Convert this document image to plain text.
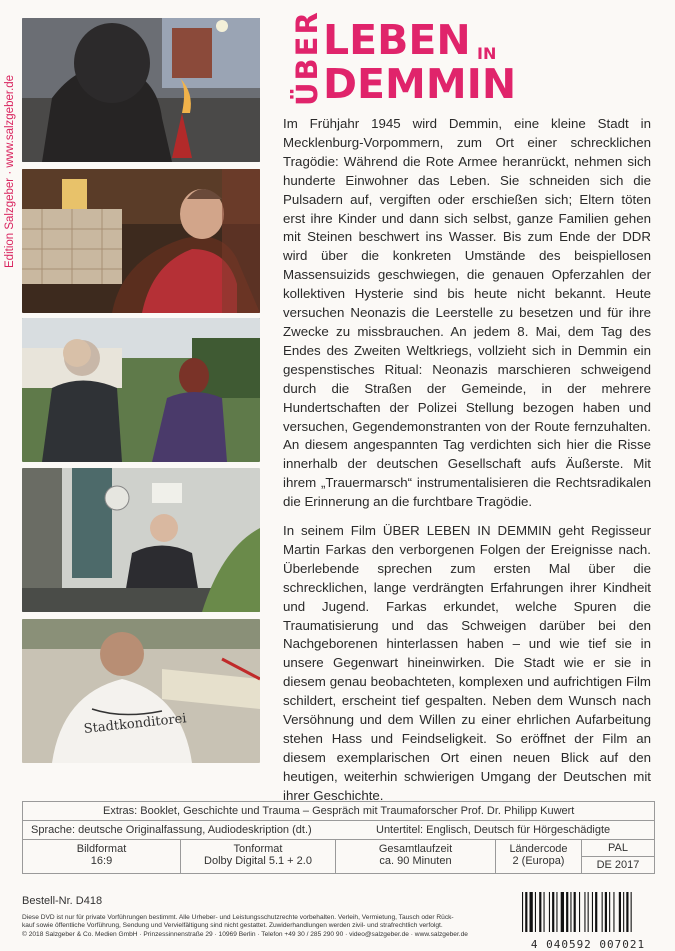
Edition Salzgeber · www.salzgeber.de
Stadtkonditorei
ÜBER LEBEN IN
DEMMIN

Im Frühjahr 1945 wird Demmin, eine kleine Stadt in Mecklenburg-Vorpommern, zum Ort einer schrecklichen Tragödie: Während die Rote Armee heranrückt, nehmen sich hunderte Einwohner das Leben. Sie schneiden sich die Pulsadern auf, vergiften oder erschießen sich; Eltern töten erst ihre Kinder und dann sich selbst, ganze Familien gehen mit Steinen beschwert ins Wasser. Bis zum Ende der DDR wird über die konkreten Umstände des beispiellosen Massensuizids geschwiegen, die genauen Opferzahlen der kollektiven Hysterie sind bis heute nicht bekannt. Heute versuchen Neonazis die Leerstelle zu besetzen und für ihre Zwecke zu missbrauchen. An jedem 8. Mai, dem Tag des Endes des Zweiten Weltkriegs, vollzieht sich in Demmin ein gespenstisches Ritual: Neonazis marschieren schweigend durch die Straßen der Gemeinde, in der mehrere Hundertschaften der Polizei Stellung bezogen haben und versuchen, Gegendemonstranten von der Route fernzuhalten. An diesem angespannten Tag verdichten sich hier die Risse innerhalb der deutschen Gesellschaft aufs Äußerste. Mit ihrem „Trauermarsch“ instrumentalisieren die Rechtsradikalen die Erinnerung an die furchtbare Tragödie.

In seinem Film ÜBER LEBEN IN DEMMIN geht Regisseur Martin Farkas den verborgenen Folgen der Ereignisse nach. Überlebende sprechen zum ersten Mal über die schrecklichen, lange verdrängten Erfahrungen ihrer Kindheit und Jugend. Farkas erkundet, welche Spuren die Traumatisierung und das Schweigen darüber bei den Nachgeborenen hinterlassen haben – und wie tief sie in unsere Gegenwart hineinwirken. Die Stadt wie er sie in diesem genau beobachteten, komplexen und aufrichtigen Film schildert, erscheint tief gespalten. Neben dem Wunsch nach Versöhnung und dem Willen zu einer ehrlichen Aufarbeitung stehen Hass und Feindseligkeit. So eröffnet der Film an diesem exemplarischen Ort einen neuen Blick auf den heutigen, weiterhin schwierigen Umgang der Deutschen mit ihrer Geschichte.

Extras: Booklet, Geschichte und Trauma – Gespräch mit Traumaforscher Prof. Dr. Philipp Kuwert
Sprache: deutsche Originalfassung, Audiodeskription (dt.)	Untertitel: Englisch, Deutsch für Hörgeschädigte
Bildformat
16:9
Tonformat
Dolby Digital 5.1 + 2.0
Gesamtlaufzeit
ca. 90 Minuten
Ländercode
2 (Europa)
PAL
DE 2017
Bestell-Nr. D418
Diese DVD ist nur für private Vorführungen bestimmt. Alle Urheber- und Leistungsschutzrechte vorbehalten. Verleih, Vermietung, Tausch oder Rück-
kauf sowie öffentliche Vorführung, Sendung und Vervielfältigung sind nicht gestattet. Zuwiderhandlungen werden zivil- und strafrechtlich verfolgt.
© 2018 Salzgeber & Co. Medien GmbH · Prinzessinnenstraße 29 · 10969 Berlin · Telefon +49 30 / 285 290 90 · video@salzgeber.de · www.salzgeber.de
4 040592 007021
